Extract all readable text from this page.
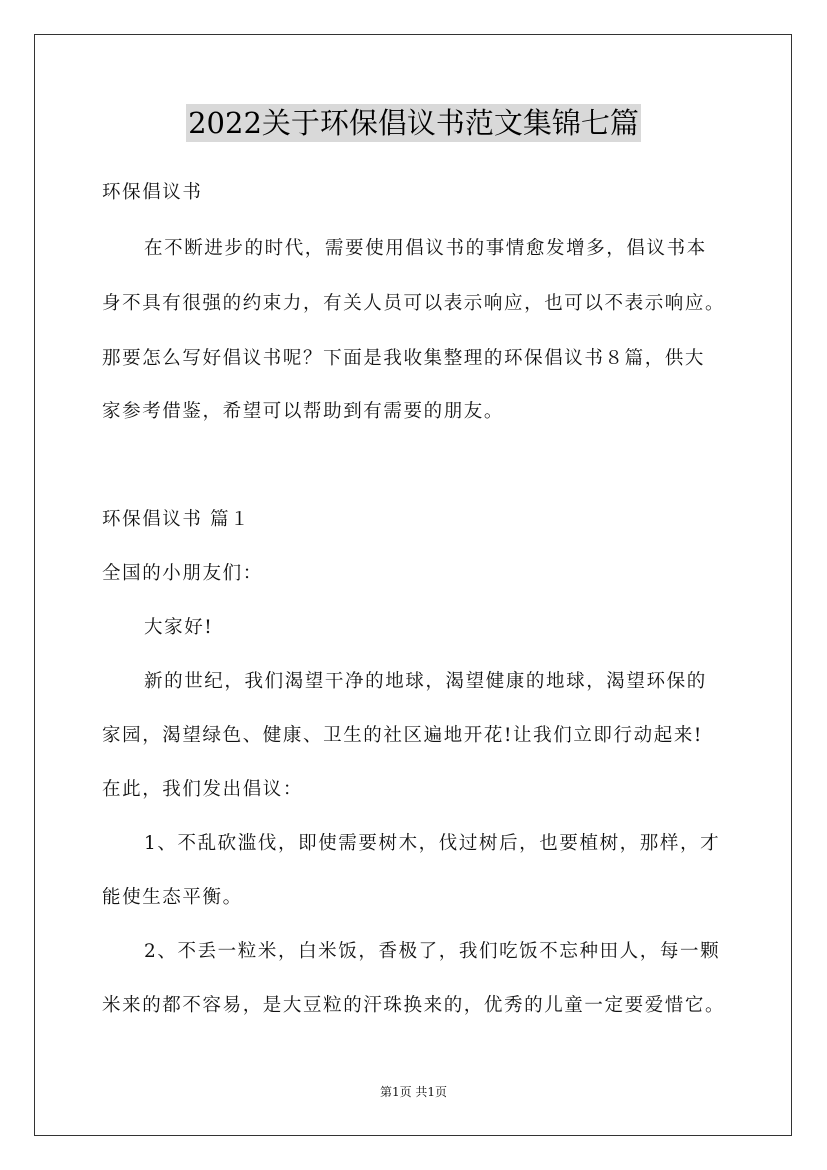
2022关于环保倡议书范文集锦七篇
环保倡议书
在不断进步的时代，需要使用倡议书的事情愈发增多，倡议书本
身不具有很强的约束力，有关人员可以表示响应，也可以不表示响应。
那要怎么写好倡议书呢？下面是我收集整理的环保倡议书８篇，供大
家参考借鉴，希望可以帮助到有需要的朋友。
环保倡议书 篇１
全国的小朋友们：
大家好!
新的世纪，我们渴望干净的地球，渴望健康的地球，渴望环保的
家园，渴望绿色、健康、卫生的社区遍地开花!让我们立即行动起来!
在此，我们发出倡议：
1、不乱砍滥伐，即使需要树木，伐过树后，也要植树，那样，才
能使生态平衡。
2、不丢一粒米，白米饭，香极了，我们吃饭不忘种田人，每一颗
米来的都不容易，是大豆粒的汗珠换来的，优秀的儿童一定要爱惜它。
第1页 共1页
